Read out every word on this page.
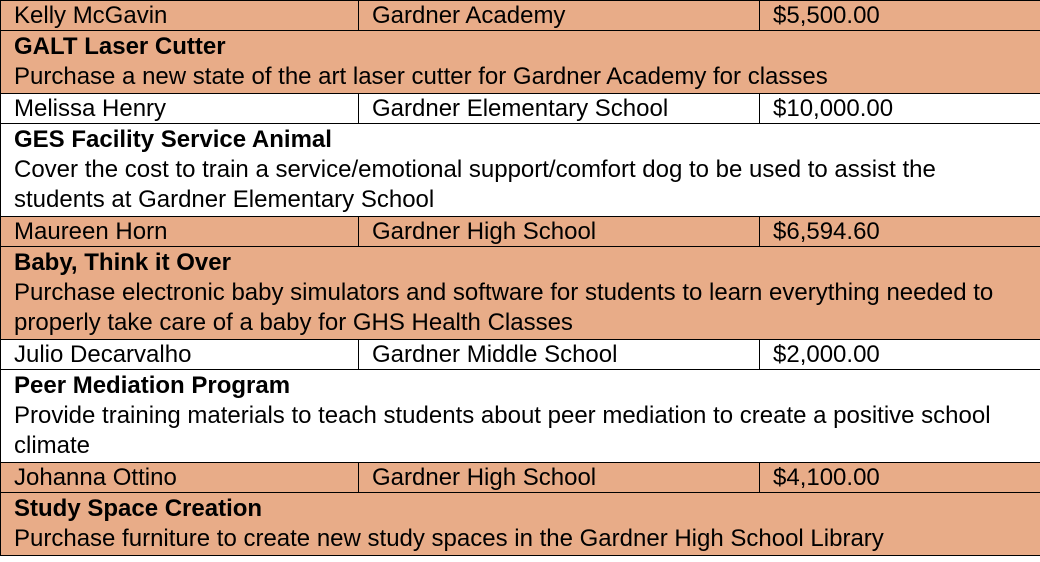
Kelly McGavin	Gardner Academy	$5,500.00

GALT Laser Cutter
Purchase a new state of the art laser cutter for Gardner Academy for classes		

Melissa Henry	Gardner Elementary School	$10,000.00

GES Facility Service Animal
Cover the cost to train a service/emotional support/comfort dog to be used to assist the students at Gardner Elementary School		

Maureen Horn	Gardner High School	$6,594.60

Baby, Think it Over
Purchase electronic baby simulators and software for students to learn everything needed to properly take care of a baby for GHS Health Classes		

Julio Decarvalho	Gardner Middle School	$2,000.00

Peer Mediation Program
Provide training materials to teach students about peer mediation to create a positive school climate		

Johanna Ottino	Gardner High School	$4,100.00

Study Space Creation
Purchase furniture to create new study spaces in the Gardner High School Library		
